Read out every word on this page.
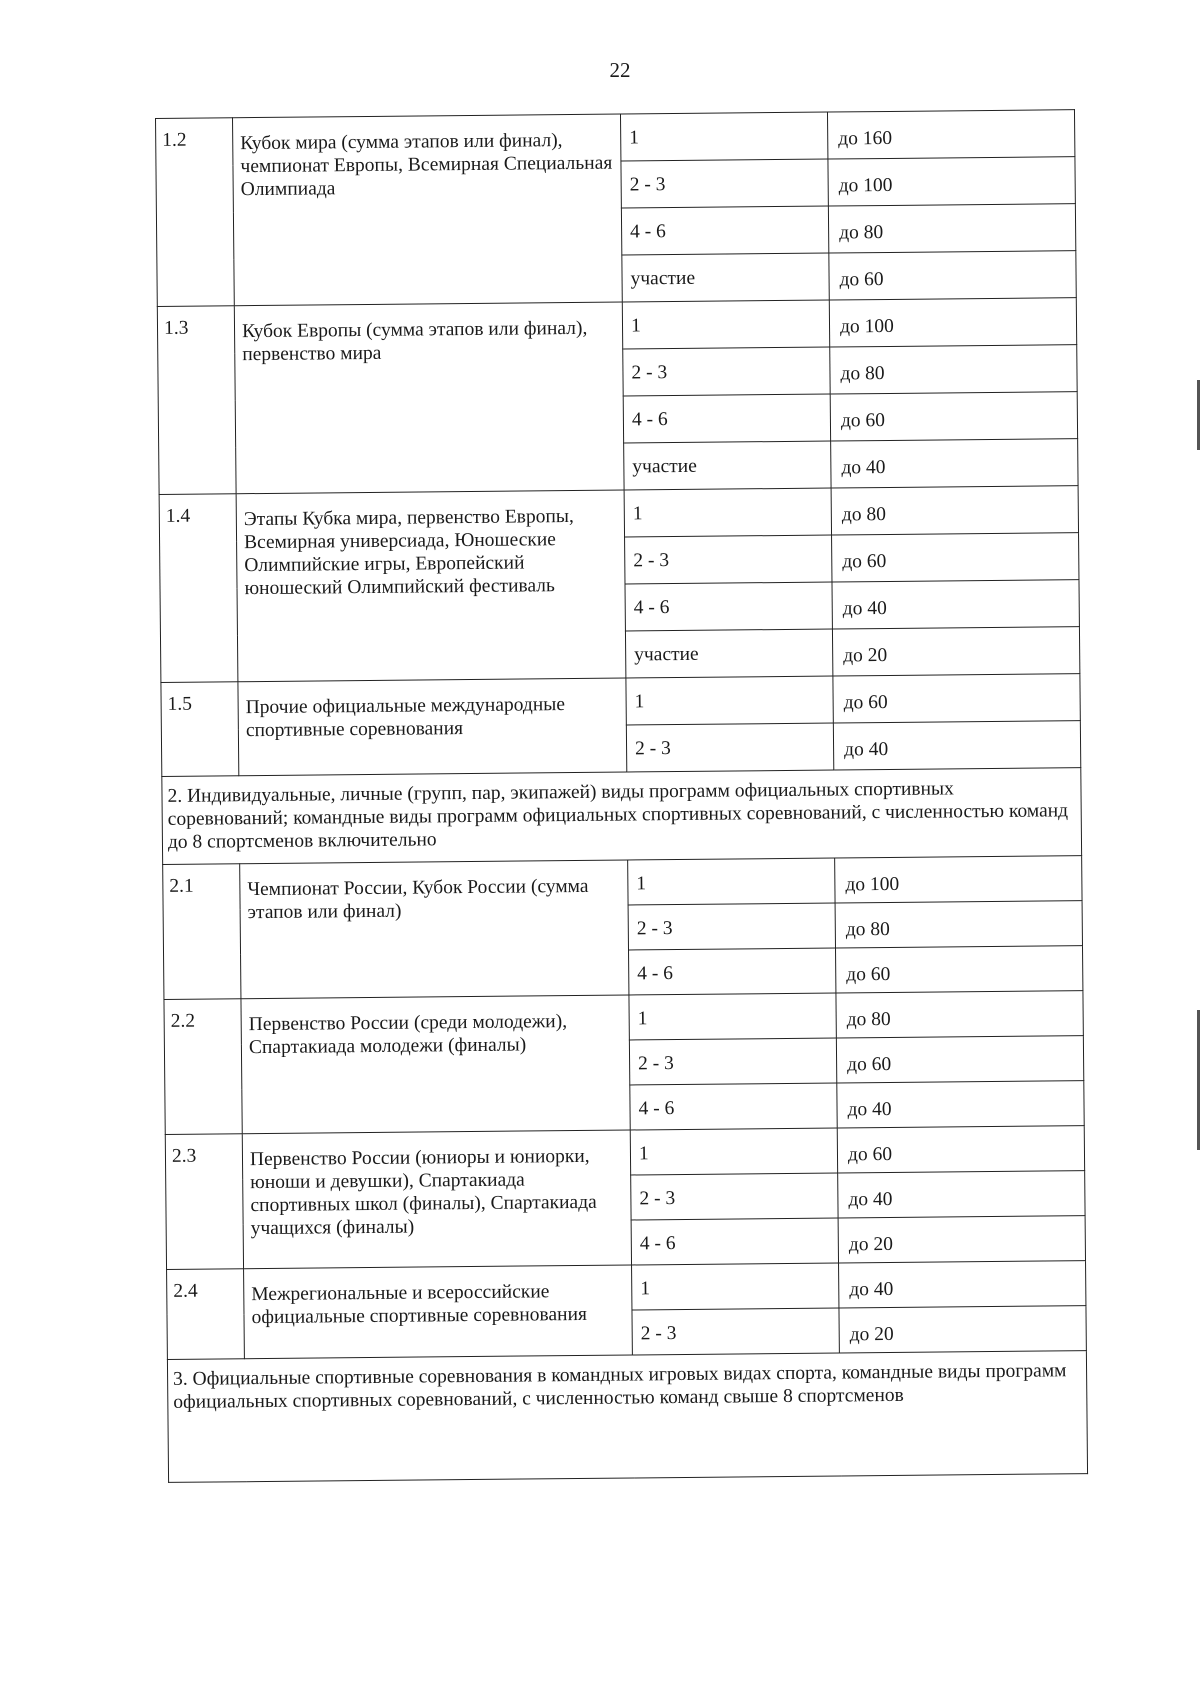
22
1.2	Кубок мира (сумма этапов или финал), чемпионат Европы, Всемирная Специальная Олимпиада	1	до 160
		2 - 3	до 100
		4 - 6	до 80
		участие	до 60
1.3	Кубок Европы (сумма этапов или финал), первенство мира	1	до 100
		2 - 3	до 80
		4 - 6	до 60
		участие	до 40
1.4	Этапы Кубка мира, первенство Европы, Всемирная универсиада, Юношеские Олимпийские игры, Европейский юношеский Олимпийский фестиваль	1	до 80
		2 - 3	до 60
		4 - 6	до 40
		участие	до 20
1.5	Прочие официальные международные спортивные соревнования	1	до 60
		2 - 3	до 40
2. Индивидуальные, личные (групп, пар, экипажей) виды программ официальных спортивных соревнований; командные виды программ официальных спортивных соревнований, с численностью команд до 8 спортсменов включительно			
2.1	Чемпионат России, Кубок России (сумма этапов или финал)	1	до 100
		2 - 3	до 80
		4 - 6	до 60
2.2	Первенство России (среди молодежи), Спартакиада молодежи (финалы)	1	до 80
		2 - 3	до 60
		4 - 6	до 40
2.3	Первенство России (юниоры и юниорки, юноши и девушки), Спартакиада спортивных школ (финалы), Спартакиада учащихся (финалы)	1	до 60
		2 - 3	до 40
		4 - 6	до 20
2.4	Межрегиональные и всероссийские официальные спортивные соревнования	1	до 40
		2 - 3	до 20
3. Официальные спортивные соревнования в командных игровых видах спорта, командные виды программ официальных спортивных соревнований, с численностью команд свыше 8 спортсменов			
